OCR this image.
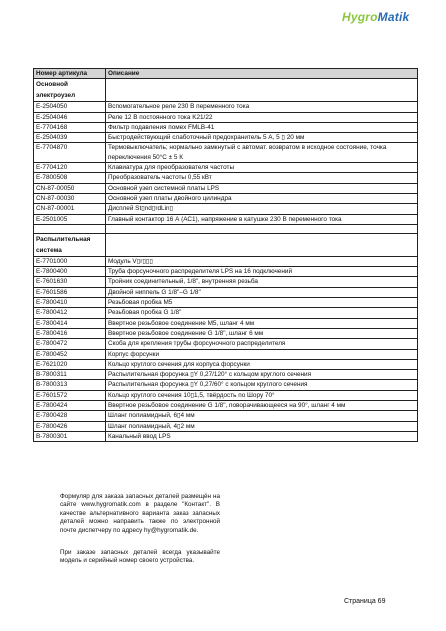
HygroMatik
Номер артикула	Описание
Основной электроузел	
E-2504050	Вспомогательное реле 230 В переменного тока
E-2504046	Реле 12 В постоянного тока K21/22
E-7704168	Фильтр подавления помех FMLB-41
E-2504039	Быстродействующий слаботочный предохранитель 5 А, 5 ▯ 20 мм
E-7704870	Термовыключатель; нормально замкнутый с автомат. возвратом в исходное состояние, точка переключения 50°С ± 5 К
E-7704120	Клавиатура для преобразователя частоты
E-7800508	Преобразователь частоты 0,55 кВт
CN-87-00050	Основной узел системной платы LPS
CN-87-00030	Основной узел платы двойного цилиндра
CN-87-00001	Дисплей St▯nd▯rdLin▯
E-2501005	Главный контактор 16 А (АС1), напряжение в катушке 230 В переменного тока

Распылительная система	
E-7701000	Модуль V▯r▯▯▯
E-7800400	Труба форсуночного распределителя LPS на 16 подключений
E-7601630	Тройник соединительный, 1/8", внутренняя резьба
E-7601586	Двойной ниппель G 1/8"–G 1/8"
E-7800410	Резьбовая пробка M5
E-7800412	Резьбовая пробка G 1/8"
E-7800414	Ввертное резьбовое соединение M5, шланг 4 мм
E-7800416	Ввертное резьбовое соединение G 1/8", шланг 6 мм
E-7800472	Скоба для крепления трубы форсуночного распределителя
E-7800452	Корпус форсунки
E-7621020	Кольцо круглого сечения для корпуса форсунки
B-7800311	Распылительная форсунка ▯Y 0,27/120° с кольцом круглого сечения
B-7800313	Распылительная форсунка ▯Y 0,27/60° с кольцом круглого сечения
E-7601572	Кольцо круглого сечения 10▯1,5, твёрдость по Шору 70°
E-7800424	Ввертное резьбовое соединение G 1/8", поворачивающееся на 90°, шланг 4 мм
E-7800428	Шланг полиамидный, 6▯4 мм
E-7800426	Шланг полиамидный, 4▯2 мм
B-7800301	Канальный ввод LPS
Формуляр для заказа запасных деталей размещён на сайте www.hygromatik.com в разделе "Контакт". В качестве альтернативного варианта заказ запасных деталей можно направить также по электронной почте диспетчеру по адресу hy@hygromatik.de.
При заказе запасных деталей всегда указывайте модель и серийный номер своего устройства.
Страница 69
